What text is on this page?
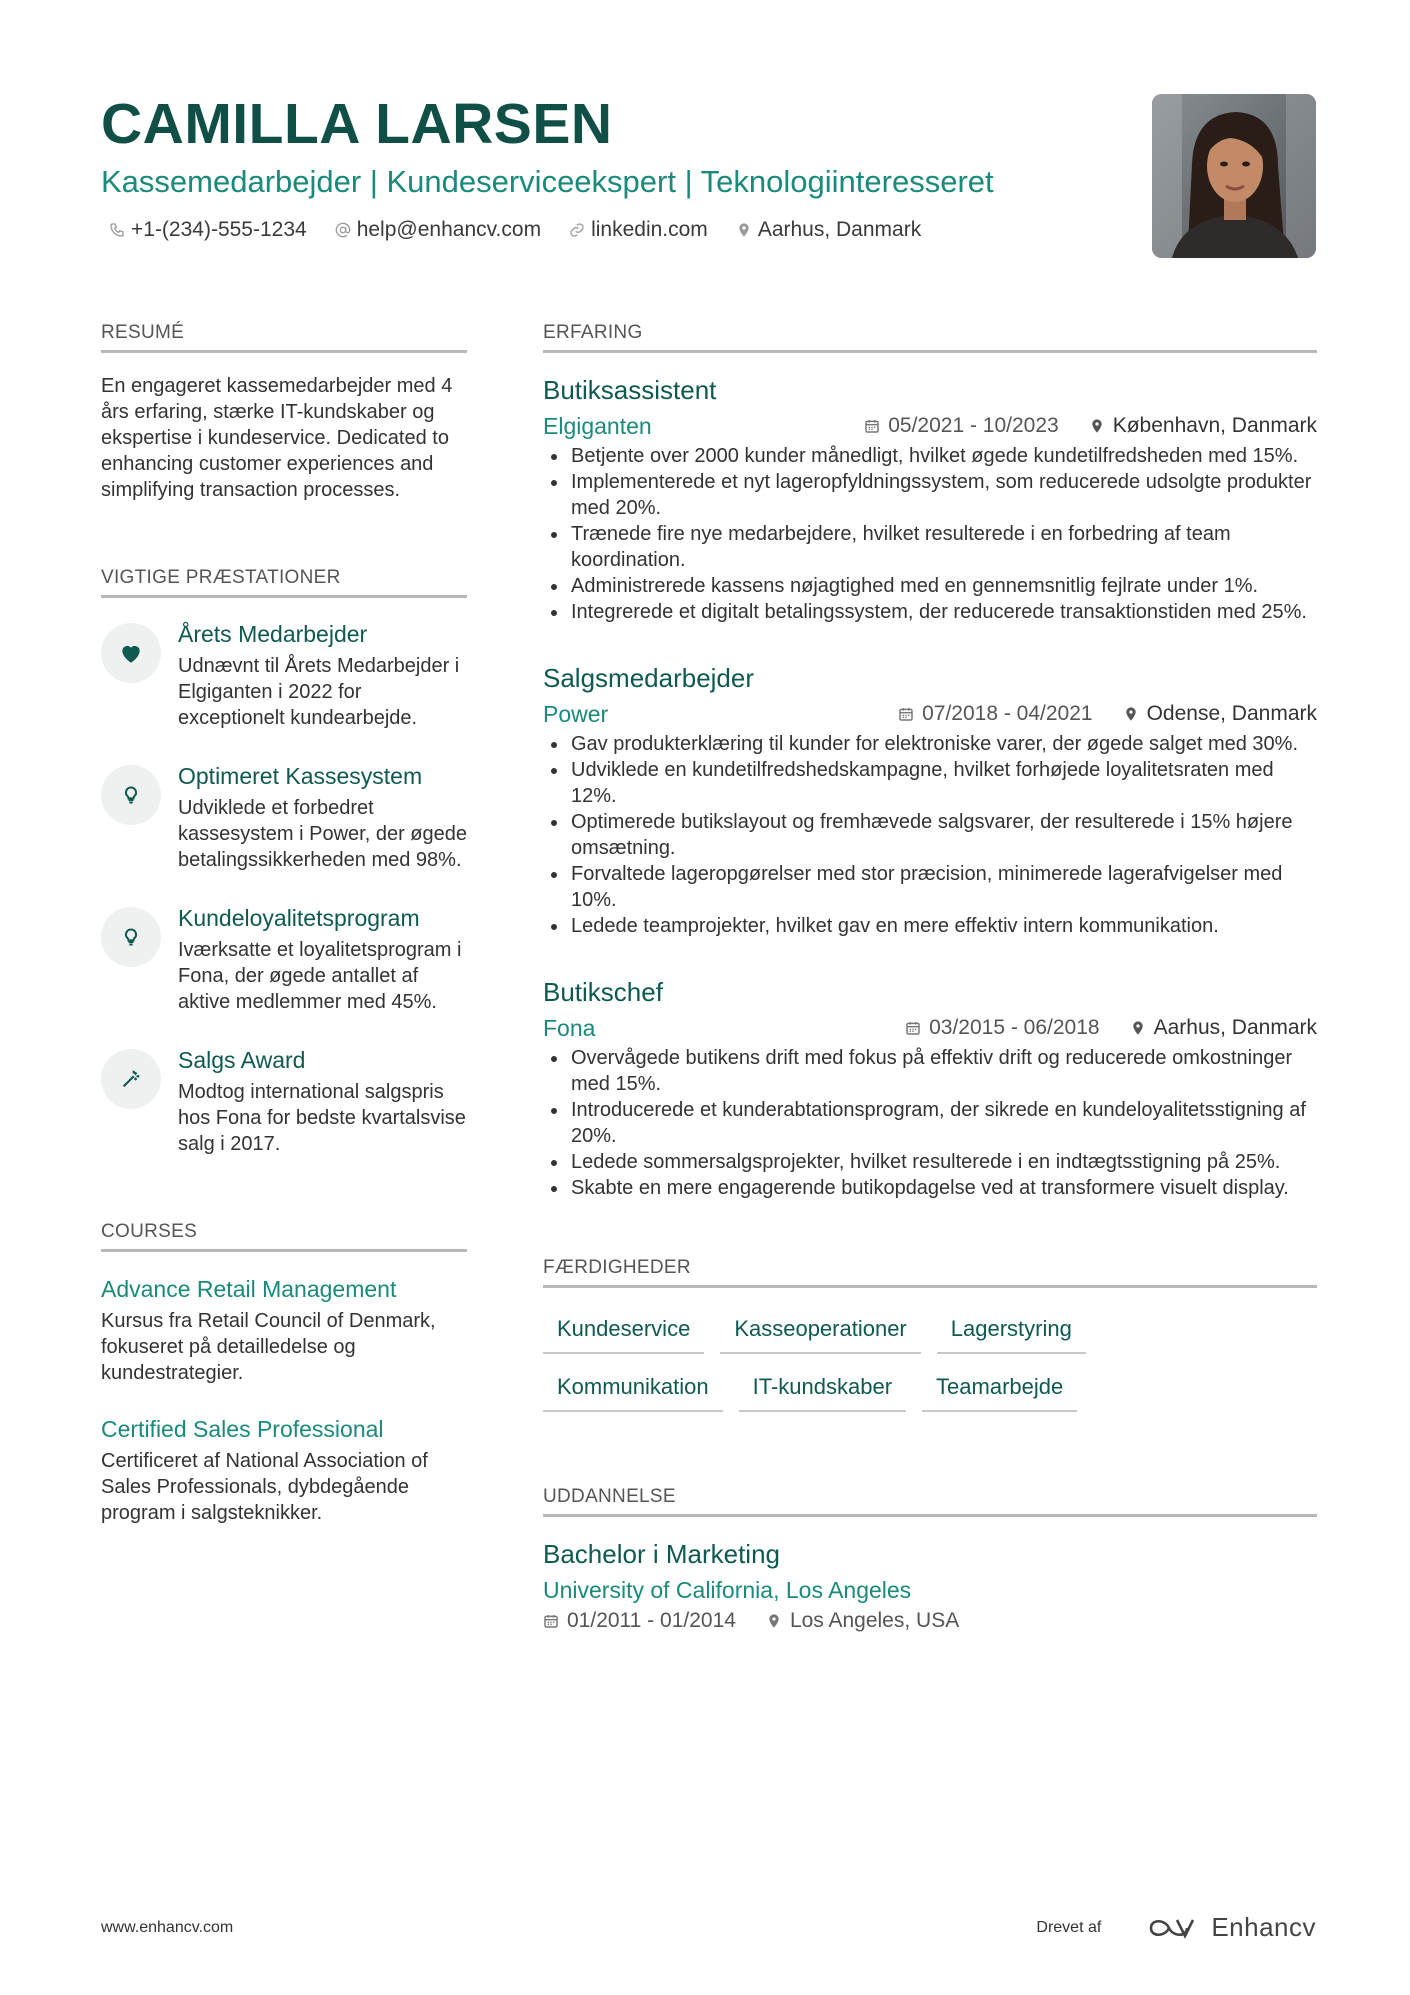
CAMILLA LARSEN
Kassemedarbejder | Kundeserviceekspert | Teknologiinteresseret
+1-(234)-555-1234 help@enhancv.com linkedin.com Aarhus, Danmark
RESUMÉ

En engageret kassemedarbejder med 4 års erfaring, stærke IT-kundskaber og ekspertise i kundeservice. Dedicated to enhancing customer experiences and simplifying transaction processes.

VIGTIGE PRÆSTATIONER
Årets Medarbejder
Udnævnt til Årets Medarbejder i Elgiganten i 2022 for exceptionelt kundearbejde.
Optimeret Kassesystem
Udviklede et forbedret kassesystem i Power, der øgede betalingssikkerheden med 98%.
Kundeloyalitetsprogram
Iværksatte et loyalitetsprogram i Fona, der øgede antallet af aktive medlemmer med 45%.
Salgs Award
Modtog international salgspris hos Fona for bedste kvartalsvise salg i 2017.
COURSES
Advance Retail Management
Kursus fra Retail Council of Denmark, fokuseret på detailledelse og kundestrategier.
Certified Sales Professional
Certificeret af National Association of Sales Professionals, dybdegående program i salgsteknikker.
ERFARING
Butiksassistent
Elgiganten	05/2021 - 10/2023	København, Danmark
Betjente over 2000 kunder månedligt, hvilket øgede kundetilfredsheden med 15%.
Implementerede et nyt lageropfyldningssystem, som reducerede udsolgte produkter med 20%.
Trænede fire nye medarbejdere, hvilket resulterede i en forbedring af team koordination.
Administrerede kassens nøjagtighed med en gennemsnitlig fejlrate under 1%.
Integrerede et digitalt betalingssystem, der reducerede transaktionstiden med 25%.
Salgsmedarbejder
Power	07/2018 - 04/2021	Odense, Danmark
Gav produkterklæring til kunder for elektroniske varer, der øgede salget med 30%.
Udviklede en kundetilfredshedskampagne, hvilket forhøjede loyalitetsraten med 12%.
Optimerede butikslayout og fremhævede salgsvarer, der resulterede i 15% højere omsætning.
Forvaltede lageropgørelser med stor præcision, minimerede lagerafvigelser med 10%.
Ledede teamprojekter, hvilket gav en mere effektiv intern kommunikation.
Butikschef
Fona	03/2015 - 06/2018	Aarhus, Danmark
Overvågede butikens drift med fokus på effektiv drift og reducerede omkostninger med 15%.
Introducerede et kunderabtationsprogram, der sikrede en kundeloyalitetsstigning af 20%.
Ledede sommersalgsprojekter, hvilket resulterede i en indtægtsstigning på 25%.
Skabte en mere engagerende butikopdagelse ved at transformere visuelt display.
FÆRDIGHEDER
Kundeservice	Kasseoperationer	Lagerstyring
Kommunikation	IT-kundskaber	Teamarbejde
UDDANNELSE
Bachelor i Marketing
University of California, Los Angeles
01/2011 - 01/2014	Los Angeles, USA
www.enhancv.com	Drevet af	Enhancv
